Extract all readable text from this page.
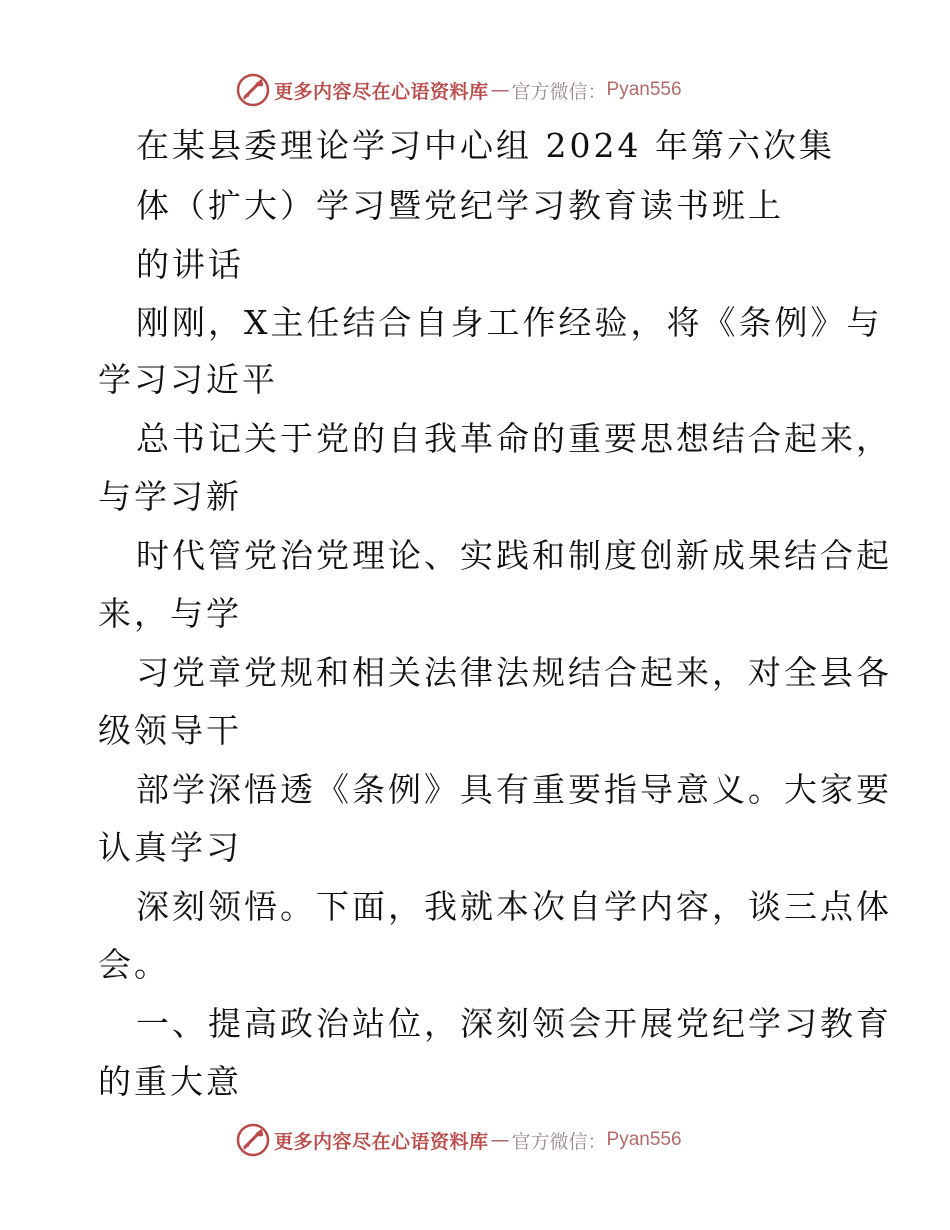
更多内容尽在心语资料库 — 官方微信： Pyan556
在某县委理论学习中心组 2024 年第六次集
体（扩大）学习暨党纪学习教育读书班上
的讲话
刚刚，X主任结合自身工作经验，将《条例》与
学习习近平
总书记关于党的自我革命的重要思想结合起来，
与学习新
时代管党治党理论、实践和制度创新成果结合起
来，与学
习党章党规和相关法律法规结合起来，对全县各
级领导干
部学深悟透《条例》具有重要指导意义。大家要
认真学习
深刻领悟。下面，我就本次自学内容，谈三点体
会。
一、提高政治站位，深刻领会开展党纪学习教育
的重大意
更多内容尽在心语资料库 — 官方微信： Pyan556
